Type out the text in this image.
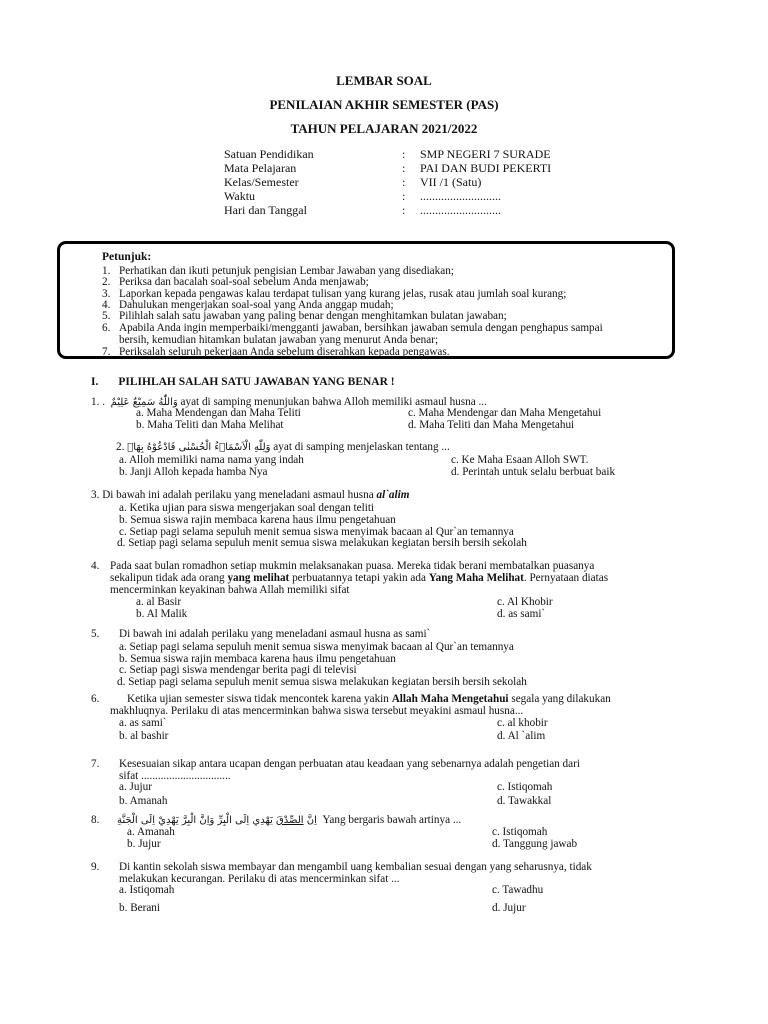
LEMBAR SOAL
PENILAIAN AKHIR SEMESTER (PAS)
TAHUN PELAJARAN 2021/2022
Satuan Pendidikan	: SMP NEGERI 7 SURADE
Mata Pelajaran	: PAI DAN BUDI PEKERTI
Kelas/Semester	: VII /1 (Satu)
Waktu	: ...........................
Hari dan Tanggal	: ...........................
Petunjuk:
1. Perhatikan dan ikuti petunjuk pengisian Lembar Jawaban yang disediakan;
2. Periksa dan bacalah soal-soal sebelum Anda menjawab;
3. Laporkan kepada pengawas kalau terdapat tulisan yang kurang jelas, rusak atau jumlah soal kurang;
4. Dahulukan mengerjakan soal-soal yang Anda anggap mudah;
5. Pilihlah salah satu jawaban yang paling benar dengan menghitamkan bulatan jawaban;
6. Apabila Anda ingin memperbaiki/mengganti jawaban, bersihkan jawaban semula dengan penghapus sampai
bersih, kemudian hitamkan bulatan jawaban yang menurut Anda benar;
7. Periksalah seluruh pekerjaan Anda sebelum diserahkan kepada pengawas.
I. PILIHLAH SALAH SATU JAWABAN YANG BENAR !
1. .  وَاللّٰهُ سَمِيْعٌ عَلِيْمٌ ayat di samping menunjukan bahwa Alloh memiliki asmaul husna ...
a. Maha Mendengan dan Maha Teliti	c. Maha Mendengar dan Maha Mengetahui
b. Maha Teliti dan Maha Melihat	d. Maha Teliti dan Maha Mengetahui
2. وَلِلّٰهِ الْاَسْمَاۤءُ الْحُسْنٰى فَادْعُوْهُ بِهَاۖ ayat di samping menjelaskan tentang ...
a. Alloh memiliki nama nama yang indah	c. Ke Maha Esaan Alloh SWT.
b. Janji Alloh kepada hamba Nya	d. Perintah untuk selalu berbuat baik
3. Di bawah ini adalah perilaku yang meneladani asmaul husna al`alim
a. Ketika ujian para siswa mengerjakan soal dengan teliti
b. Semua siswa rajin membaca karena haus ilmu pengetahuan
c. Setiap pagi selama sepuluh menit semua siswa menyimak bacaan al Qur`an temannya
d. Setiap pagi selama sepuluh menit semua siswa melakukan kegiatan bersih bersih sekolah
4. Pada saat bulan romadhon setiap mukmin melaksanakan puasa. Mereka tidak berani membatalkan puasanya
sekalipun tidak ada orang yang melihat perbuatannya tetapi yakin ada Yang Maha Melihat. Pernyataan diatas
mencerminkan keyakinan bahwa Allah memiliki sifat
a. al Basir	c. Al Khobir
b. Al Malik	d. as sami`
5. Di bawah ini adalah perilaku yang meneladani asmaul husna as sami`
a. Setiap pagi selama sepuluh menit semua siswa menyimak bacaan al Qur`an temannya
b. Semua siswa rajin membaca karena haus ilmu pengetahuan
c. Setiap pagi siswa mendengar berita pagi di televisi
d. Setiap pagi selama sepuluh menit semua siswa melakukan kegiatan bersih bersih sekolah
6. Ketika ujian semester siswa tidak mencontek karena yakin Allah Maha Mengetahui segala yang dilakukan
makhluqnya. Perilaku di atas mencerminkan bahwa siswa tersebut meyakini asmaul husna...
a. as sami`	c. al khobir
b. al bashir	d. Al `alim
7. Kesesuaian sikap antara ucapan dengan perbuatan atau keadaan yang sebenarnya adalah pengetian dari
sifat ................................
a. Jujur	c. Istiqomah
b. Amanah	d. Tawakkal
8.	اِنَّ الصِّدْقَ يَهْدِي اِلَى الْبِرِّ وَاِنَّ الْبِرَّ يَهْدِيْ اِلَى الْجَنَّةِ	Yang bergaris bawah artinya ...
a. Amanah	c. Istiqomah
b. Jujur	d. Tanggung jawab
9. Di kantin sekolah siswa membayar dan mengambil uang kembalian sesuai dengan yang seharusnya, tidak
melakukan kecurangan. Perilaku di atas mencerminkan sifat ...
a. Istiqomah	c. Tawadhu
b. Berani	d. Jujur
